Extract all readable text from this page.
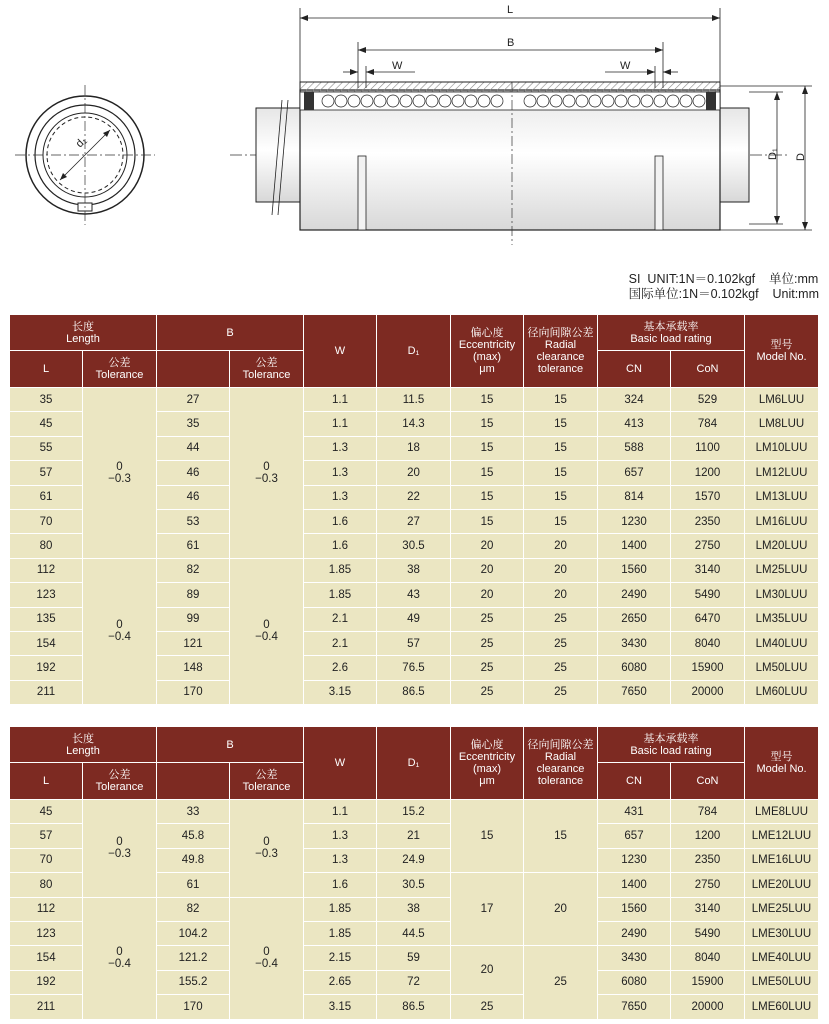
d₁
L
B
W	W
D₁ D
SI  UNIT:1N＝0.102kgf    单位:mm
国际单位:1N＝0.102kgf    Unit:mm
长度
Length		B		W	D₁	偏心度
Eccentricity
(max)
μm	径向间隙公差
Radial
clearance
tolerance	基本承载率
Basic load rating		型号
Model No.
L	公差
Tolerance		公差
Tolerance					CN	CoN	
35	0
−0.3	27	0
−0.3	1.1	11.5	15	15	324	529	LM6LUU
45		35		1.1	14.3	15	15	413	784	LM8LUU
55		44		1.3	18	15	15	588	1100	LM10LUU
57		46		1.3	20	15	15	657	1200	LM12LUU
61		46		1.3	22	15	15	814	1570	LM13LUU
70		53		1.6	27	15	15	1230	2350	LM16LUU
80		61		1.6	30.5	20	20	1400	2750	LM20LUU
112	0
−0.4	82	0
−0.4	1.85	38	20	20	1560	3140	LM25LUU
123		89		1.85	43	20	20	2490	5490	LM30LUU
135		99		2.1	49	25	25	2650	6470	LM35LUU
154		121		2.1	57	25	25	3430	8040	LM40LUU
192		148		2.6	76.5	25	25	6080	15900	LM50LUU
211		170		3.15	86.5	25	25	7650	20000	LM60LUU
长度
Length		B		W	D₁	偏心度
Eccentricity
(max)
μm	径向间隙公差
Radial
clearance
tolerance	基本承载率
Basic load rating		型号
Model No.
L	公差
Tolerance		公差
Tolerance					CN	CoN	
45	0
−0.3	33	0
−0.3	1.1	15.2	15	15	431	784	LME8LUU
57		45.8		1.3	21			657	1200	LME12LUU
70		49.8		1.3	24.9			1230	2350	LME16LUU
80		61		1.6	30.5	17	20	1400	2750	LME20LUU
112	0
−0.4	82	0
−0.4	1.85	38			1560	3140	LME25LUU
123		104.2		1.85	44.5			2490	5490	LME30LUU
154		121.2		2.15	59	20	25	3430	8040	LME40LUU
192		155.2		2.65	72			6080	15900	LME50LUU
211		170		3.15	86.5	25		7650	20000	LME60LUU
